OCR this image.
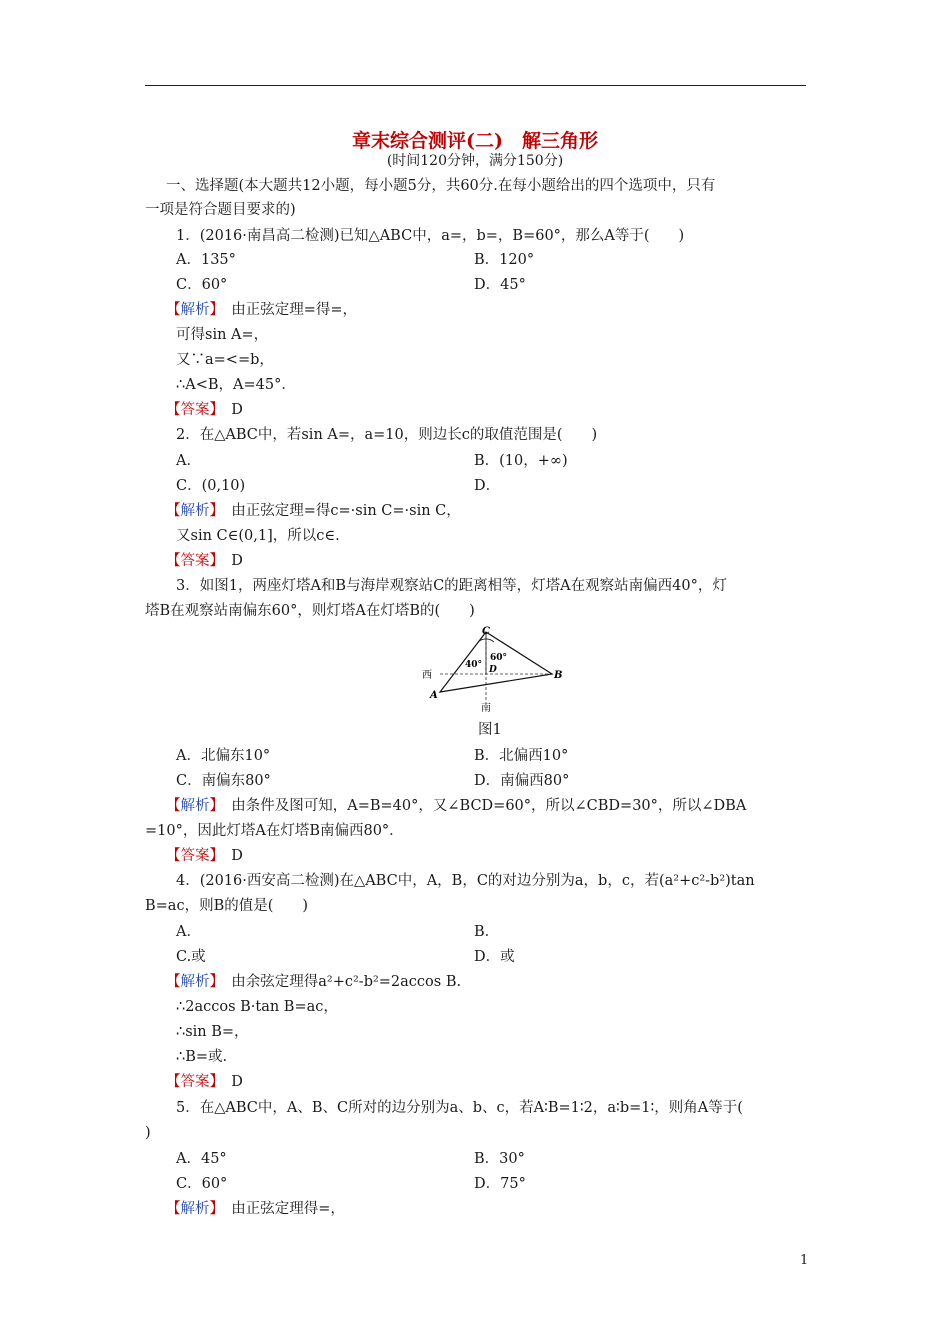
章末综合测评(二)　解三角形
(时间120分钟，满分150分)
一、选择题(本大题共12小题，每小题5分，共60分.在每小题给出的四个选项中，只有
一项是符合题目要求的)
1．(2016·南昌高二检测)已知△ABC中，a=，b=，B=60°，那么A等于(　　)
A．135°	B．120°
C．60°	D．45°
【解析】　由正弦定理=得=，
可得sin A=，
又∵a=<=b，
∴A<B，A=45°．
【答案】　D
2．在△ABC中，若sin A=，a=10，则边长c的取值范围是(　　)
A．	B．(10，+∞)
C．(0,10)	D．
【解析】　由正弦定理=得c=·sin C=·sin C，
又sin C∈(0,1]，所以c∈.
【答案】　D
3．如图1，两座灯塔A和B与海岸观察站C的距离相等，灯塔A在观察站南偏西40°，灯
塔B在观察站南偏东60°，则灯塔A在灯塔B的(　　)
C
60°
40° D
西
A
B
南
图1
A．北偏东10°	B．北偏西10°
C．南偏东80°	D．南偏西80°
【解析】　由条件及图可知，A=B=40°，又∠BCD=60°，所以∠CBD=30°，所以∠DBA
=10°，因此灯塔A在灯塔B南偏西80°．
【答案】　D
4．(2016·西安高二检测)在△ABC中，A，B，C的对边分别为a，b，c，若(a²+c²-b²)tan
B=ac，则B的值是(　　)
A．	B．
C.或	D．或
【解析】　由余弦定理得a²+c²-b²=2accos B.
∴2accos B·tan B=ac，
∴sin B=，
∴B=或.
【答案】　D
5．在△ABC中，A、B、C所对的边分别为a、b、c，若A∶B=1∶2，a∶b=1∶，则角A等于(
)
A．45°	B．30°
C．60°	D．75°
【解析】　由正弦定理得=，
1
